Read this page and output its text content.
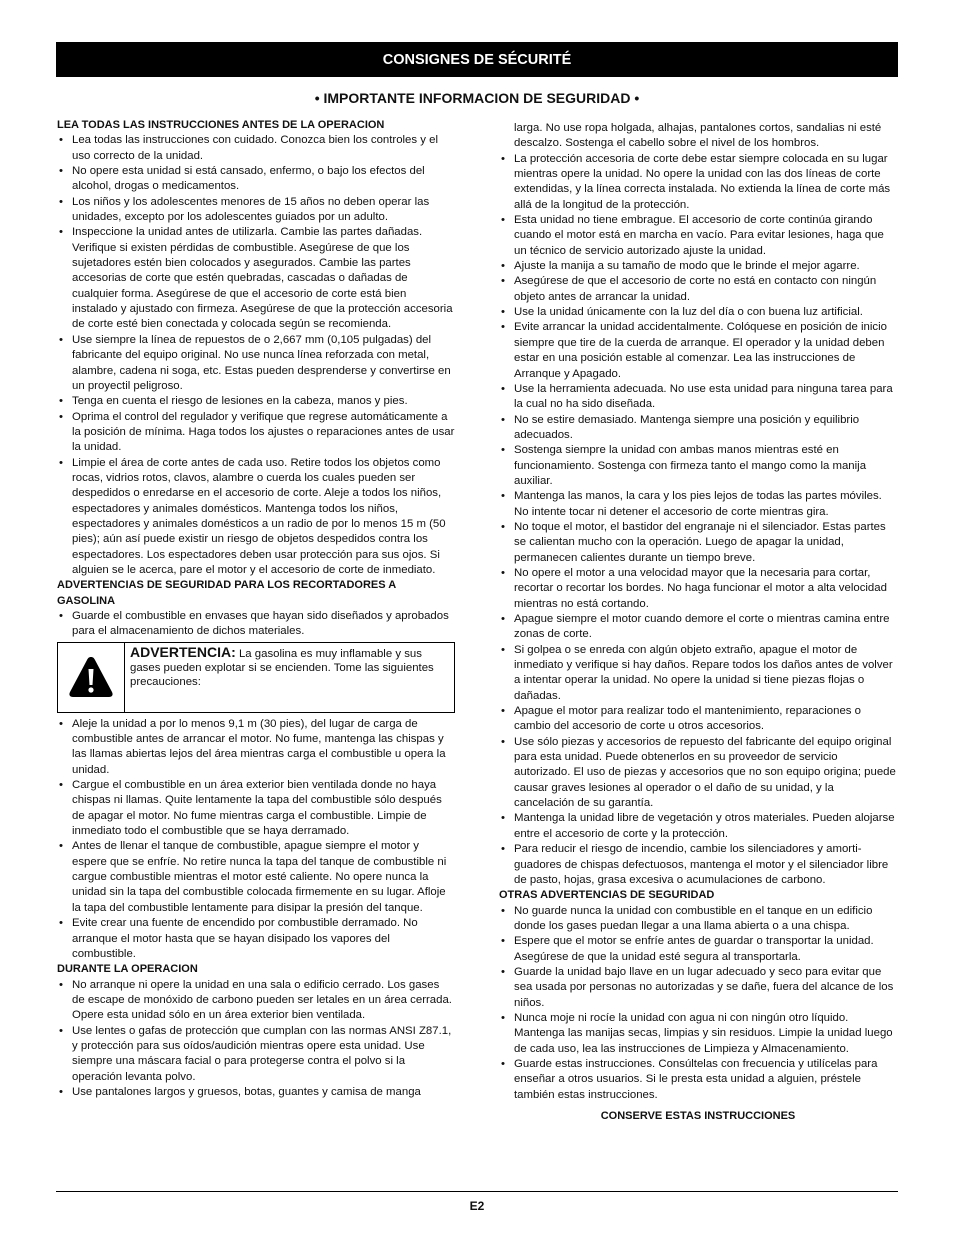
CONSIGNES DE SÉCURITÉ
• IMPORTANTE INFORMACION DE SEGURIDAD •
LEA TODAS LAS INSTRUCCIONES ANTES DE LA OPERACION
• Lea todas las instrucciones con cuidado. Conozca bien los controles y el uso correcto de la unidad.
• No opere esta unidad si está cansado, enfermo, o bajo los efectos del alcohol, drogas o medicamentos.
• Los niños y los adolescentes menores de 15 años no deben operar las unidades, excepto por los adolescentes guiados por un adulto.
• Inspeccione la unidad antes de utilizarla. Cambie las partes dañadas. Verifique si existen pérdidas de combustible. Asegúrese de que los sujetadores estén bien colocados y asegurados. Cambie las partes accesorias de corte que estén quebradas, cascadas o dañadas de cualquier forma. Asegúrese de que el accesorio de corte está bien instalado y ajustado con firmeza. Asegúrese de que la protección accesoria de corte esté bien conectada y colocada según se recomienda.
• Use siempre la línea de repuestos de o 2,667 mm (0,105 pulgadas) del fabricante del equipo original. No use nunca línea reforzada con metal, alambre, cadena ni soga, etc. Estas pueden desprenderse y convertirse en un proyectil peligroso.
• Tenga en cuenta el riesgo de lesiones en la cabeza, manos y pies.
• Oprima el control del regulador y verifique que regrese automáticamente a la posición de mínima. Haga todos los ajustes o reparaciones antes de usar la unidad.
• Limpie el área de corte antes de cada uso. Retire todos los objetos como rocas, vidrios rotos, clavos, alambre o cuerda los cuales pueden ser despedidos o enredarse en el accesorio de corte. Aleje a todos los niños, espectadores y animales domésticos. Mantenga todos los niños, espectadores y animales domésticos a un radio de por lo menos 15 m (50 pies); aún así puede existir un riesgo de objetos despedidos contra los espectadores. Los espectadores deben usar protección para sus ojos. Si alguien se le acerca, pare el motor y el accesorio de corte de inmediato.
ADVERTENCIAS DE SEGURIDAD PARA LOS RECORTADORES A GASOLINA
• Guarde el combustible en envases que hayan sido diseñados y aprobados para el almacenamiento de dichos materiales.
ADVERTENCIA: La gasolina es muy inflamable y sus gases pueden explotar si se encienden. Tome las siguientes precauciones:
• Aleje la unidad a por lo menos 9,1 m (30 pies), del lugar de carga de combustible antes de arrancar el motor. No fume, mantenga las chispas y las llamas abiertas lejos del área mientras carga el combustible u opera la unidad.
• Cargue el combustible en un área exterior bien ventilada donde no haya chispas ni llamas. Quite lentamente la tapa del combustible sólo después de apagar el motor. No fume mientras carga el combustible. Limpie de inmediato todo el combustible que se haya derramado.
• Antes de llenar el tanque de combustible, apague siempre el motor y espere que se enfríe. No retire nunca la tapa del tanque de combustible ni cargue combustible mientras el motor esté caliente. No opere nunca la unidad sin la tapa del combustible colocada firmemente en su lugar. Afloje la tapa del combustible lentamente para disipar la presión del tanque.
• Evite crear una fuente de encendido por combustible derramado. No arranque el motor hasta que se hayan disipado los vapores del combustible.
DURANTE LA OPERACION
• No arranque ni opere la unidad en una sala o edificio cerrado. Los gases de escape de monóxido de carbono pueden ser letales en un área cerrada. Opere esta unidad sólo en un área exterior bien ventilada.
• Use lentes o gafas de protección que cumplan con las normas ANSI Z87.1, y protección para sus oídos/audición mientras opere esta unidad. Use siempre una máscara facial o para protegerse contra el polvo si la operación levanta polvo.
• Use pantalones largos y gruesos, botas, guantes y camisa de manga
larga. No use ropa holgada, alhajas, pantalones cortos, sandalias ni esté descalzo. Sostenga el cabello sobre el nivel de los hombros.
• La protección accesoria de corte debe estar siempre colocada en su lugar mientras opere la unidad. No opere la unidad con las dos líneas de corte extendidas, y la línea correcta instalada. No extienda la línea de corte más allá de la longitud de la protección.
• Esta unidad no tiene embrague. El accesorio de corte continúa girando cuando el motor está en marcha en vacío. Para evitar lesiones, haga que un técnico de servicio autorizado ajuste la unidad.
• Ajuste la manija a su tamaño de modo que le brinde el mejor agarre.
• Asegúrese de que el accesorio de corte no está en contacto con ningún objeto antes de arrancar la unidad.
• Use la unidad únicamente con la luz del día o con buena luz artificial.
• Evite arrancar la unidad accidentalmente. Colóquese en posición de inicio siempre que tire de la cuerda de arranque. El operador y la unidad deben estar en una posición estable al comenzar. Lea las instrucciones de Arranque y Apagado.
• Use la herramienta adecuada. No use esta unidad para ninguna tarea para la cual no ha sido diseñada.
• No se estire demasiado. Mantenga siempre una posición y equilibrio adecuados.
• Sostenga siempre la unidad con ambas manos mientras esté en funcionamiento. Sostenga con firmeza tanto el mango como la manija auxiliar.
• Mantenga las manos, la cara y los pies lejos de todas las partes móviles. No intente tocar ni detener el accesorio de corte mientras gira.
• No toque el motor, el bastidor del engranaje ni el silenciador. Estas partes se calientan mucho con la operación. Luego de apagar la unidad, permanecen calientes durante un tiempo breve.
• No opere el motor a una velocidad mayor que la necesaria para cortar, recortar o recortar los bordes. No haga funcionar el motor a alta velocidad mientras no está cortando.
• Apague siempre el motor cuando demore el corte o mientras camina entre zonas de corte.
• Si golpea o se enreda con algún objeto extraño, apague el motor de inmediato y verifique si hay daños. Repare todos los daños antes de volver a intentar operar la unidad. No opere la unidad si tiene piezas flojas o dañadas.
• Apague el motor para realizar todo el mantenimiento, reparaciones o cambio del accesorio de corte u otros accesorios.
• Use sólo piezas y accesorios de repuesto del fabricante del equipo original para esta unidad. Puede obtenerlos en su proveedor de servicio autorizado. El uso de piezas y accesorios que no son equipo origina; puede causar graves lesiones al operador o el daño de su unidad, y la cancelación de su garantía.
• Mantenga la unidad libre de vegetación y otros materiales. Pueden alojarse entre el accesorio de corte y la protección.
• Para reducir el riesgo de incendio, cambie los silenciadores y amorti-guadores de chispas defectuosos, mantenga el motor y el silenciador libre de pasto, hojas, grasa excesiva o acumulaciones de carbono.
OTRAS ADVERTENCIAS DE SEGURIDAD
• No guarde nunca la unidad con combustible en el tanque en un edificio donde los gases puedan llegar a una llama abierta o a una chispa.
• Espere que el motor se enfríe antes de guardar o transportar la unidad. Asegúrese de que la unidad esté segura al transportarla.
• Guarde la unidad bajo llave en un lugar adecuado y seco para evitar que sea usada por personas no autorizadas y se dañe, fuera del alcance de los niños.
• Nunca moje ni rocíe la unidad con agua ni con ningún otro líquido. Mantenga las manijas secas, limpias y sin residuos. Limpie la unidad luego de cada uso, lea las instrucciones de Limpieza y Almacenamiento.
• Guarde estas instrucciones. Consúltelas con frecuencia y utilícelas para enseñar a otros usuarios. Si le presta esta unidad a alguien, préstele también estas instrucciones.
CONSERVE ESTAS INSTRUCCIONES
E2
